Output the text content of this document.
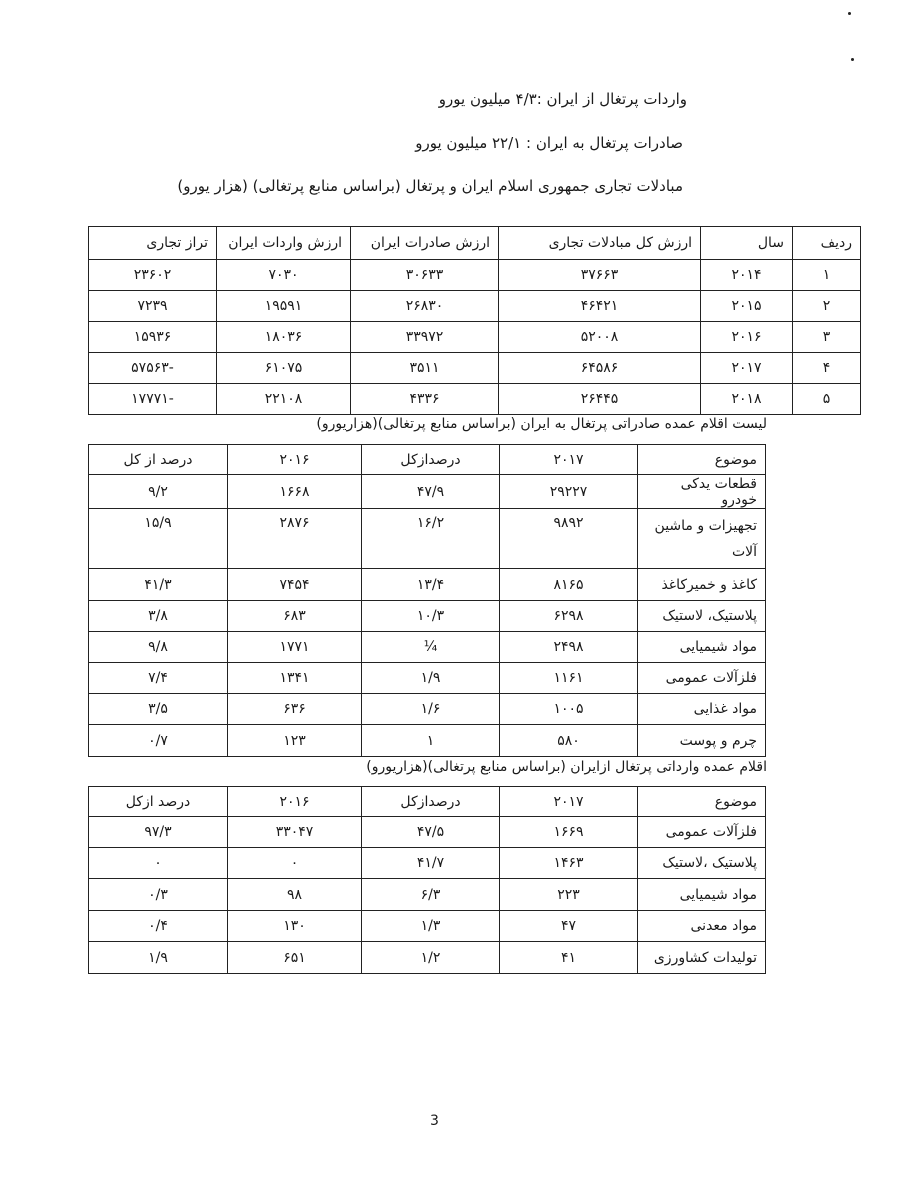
واردات پرتغال از ایران :۴/۳ میلیون یورو
صادرات پرتغال به ایران : ۲۲/۱ میلیون یورو
مبادلات تجاری جمهوری اسلام ایران و پرتغال (براساس منابع پرتغالی) (هزار یورو)
ردیف	سال	ارزش کل مبادلات تجاری	ارزش صادرات ایران	ارزش واردات ایران	تراز تجاری
۱	۲۰۱۴	۳۷۶۶۳	۳۰۶۳۳	۷۰۳۰	۲۳۶۰۲
۲	۲۰۱۵	۴۶۴۲۱	۲۶۸۳۰	۱۹۵۹۱	۷۲۳۹
۳	۲۰۱۶	۵۲۰۰۸	۳۳۹۷۲	۱۸۰۳۶	۱۵۹۳۶
۴	۲۰۱۷	۶۴۵۸۶	۳۵۱۱	۶۱۰۷۵	-۵۷۵۶۳
۵	۲۰۱۸	۲۶۴۴۵	۴۳۳۶	۲۲۱۰۸	-۱۷۷۷۱
لیست اقلام عمده صادراتی پرتغال به ایران (براساس منابع پرتغالی)(هزاریورو)
موضوع	۲۰۱۷	درصدازکل	۲۰۱۶	درصد از کل
قطعات یدکی خودرو	۲۹۲۲۷	۴۷/۹	۱۶۶۸	۹/۲
تجهیزات و ماشین آلات	۹۸۹۲	۱۶/۲	۲۸۷۶	۱۵/۹
کاغذ و خمیرکاغذ	۸۱۶۵	۱۳/۴	۷۴۵۴	۴۱/۳
پلاستیک، لاستیک	۶۲۹۸	۱۰/۳	۶۸۳	۳/۸
مواد شیمیایی	۲۴۹۸	¼	۱۷۷۱	۹/۸
فلزآلات عمومی	۱۱۶۱	۱/۹	۱۳۴۱	۷/۴
مواد غذایی	۱۰۰۵	۱/۶	۶۳۶	۳/۵
چرم و پوست	۵۸۰	۱	۱۲۳	۰/۷
اقلام عمده وارداتی پرتغال ازایران (براساس منابع پرتغالی)(هزاریورو)
موضوع	۲۰۱۷	درصدازکل	۲۰۱۶	درصد ازکل
فلزآلات عمومی	۱۶۶۹	۴۷/۵	۳۳۰۴۷	۹۷/۳
پلاستیک ،لاستیک	۱۴۶۳	۴۱/۷	۰	۰
مواد شیمیایی	۲۲۳	۶/۳	۹۸	۰/۳
مواد معدنی	۴۷	۱/۳	۱۳۰	۰/۴
تولیدات کشاورزی	۴۱	۱/۲	۶۵۱	۱/۹
3
